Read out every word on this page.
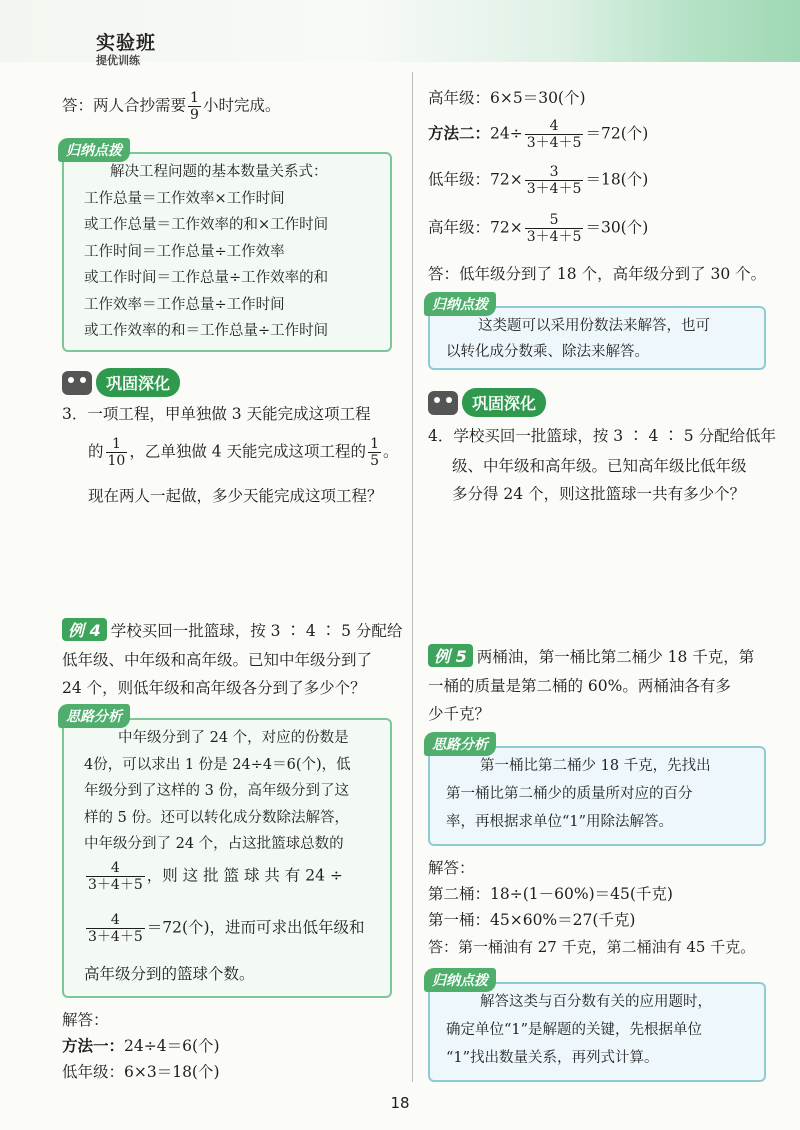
实验班
提优训练
答：两人合抄需要 $\frac{1}{9}$ 小时完成。
归纳点拨
解决工程问题的基本数量关系式：
工作总量＝工作效率×工作时间
或工作总量＝工作效率的和×工作时间
工作时间＝工作总量÷工作效率
或工作时间＝工作总量÷工作效率的和
工作效率＝工作总量÷工作时间
或工作效率的和＝工作总量÷工作时间
巩固深化
3．一项工程，甲单独做 3 天能完成这项工程
的 $\frac{1}{10}$ ，乙单独做 4 天能完成这项工程的 $\frac{1}{5}$ 。
现在两人一起做，多少天能完成这项工程？
例 4 学校买回一批篮球，按 3 ∶ 4 ∶ 5 分配给
低年级、中年级和高年级。已知中年级分到了
24 个，则低年级和高年级各分到了多少个？
思路分析
中年级分到了 24 个，对应的份数是
4份，可以求出 1 份是 24÷4＝6(个)，低
年级分到了这样的 3 份，高年级分到了这
样的 5 份。还可以转化成分数除法解答，
中年级分到了 24 个，占这批篮球总数的
$\frac{4}{3+4+5}$ ，则 这 批 篮 球 共 有 24 ÷
$\frac{4}{3+4+5} =72$(个)，进而可求出低年级和
高年级分到的篮球个数。
解答：
方法一：24÷4＝6(个)
低年级：6×3＝18(个)
高年级：6×5＝30(个)
方法二：$24\div \frac{4}{3+4+5} =72$(个)
低年级：$72\times \frac{3}{3+4+5} =18$(个)
高年级：$72\times \frac{5}{3+4+5} =30$(个)
答：低年级分到了 18 个，高年级分到了 30 个。
归纳点拨
这类题可以采用份数法来解答，也可
以转化成分数乘、除法来解答。
巩固深化
4．学校买回一批篮球，按 3 ∶ 4 ∶ 5 分配给低年
级、中年级和高年级。已知高年级比低年级
多分得 24 个，则这批篮球一共有多少个？
例 5 两桶油，第一桶比第二桶少 18 千克，第
一桶的质量是第二桶的 60%。两桶油各有多
少千克？
思路分析
第一桶比第二桶少 18 千克，先找出
第一桶比第二桶少的质量所对应的百分
率，再根据求单位“1”用除法解答。
解答：
第二桶：18÷(1－60%)＝45(千克)
第一桶：45×60%＝27(千克)
答：第一桶油有 27 千克，第二桶油有 45 千克。
归纳点拨
解答这类与百分数有关的应用题时，
确定单位“1”是解题的关键，先根据单位
“1”找出数量关系，再列式计算。
18
